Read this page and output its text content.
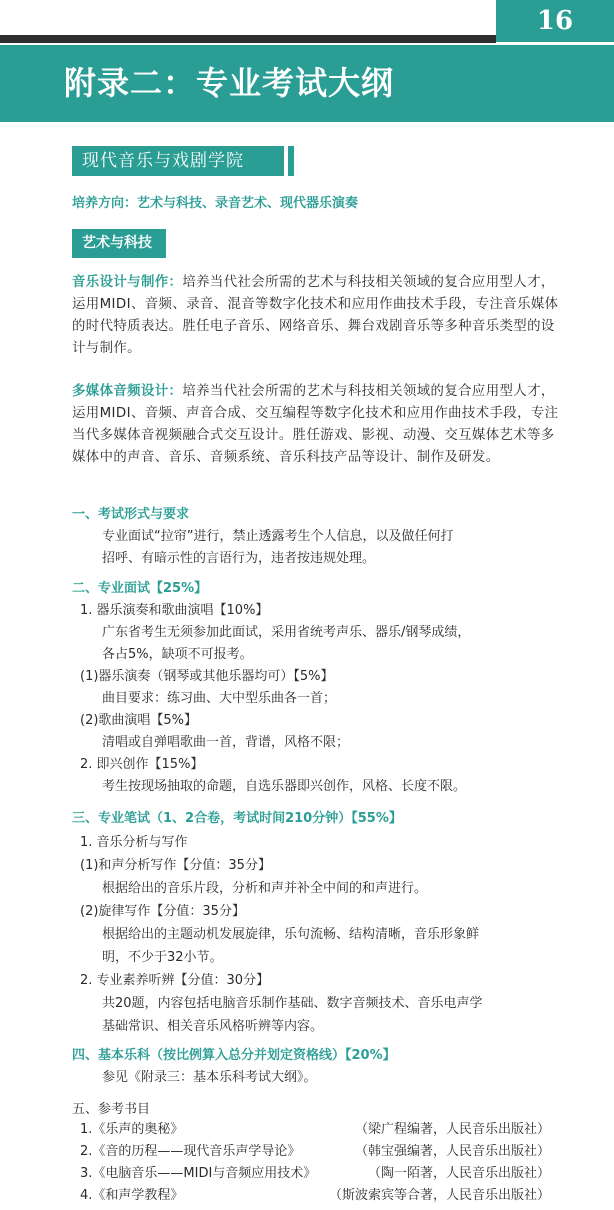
16
附录二：专业考试大纲
现代音乐与戏剧学院
培养方向：艺术与科技、录音艺术、现代器乐演奏
艺术与科技

音乐设计与制作：培养当代社会所需的艺术与科技相关领域的复合应用型人才，运用MIDI、音频、录音、混音等数字化技术和应用作曲技术手段，专注音乐媒体的时代特质表达。胜任电子音乐、网络音乐、舞台戏剧音乐等多种音乐类型的设计与制作。

多媒体音频设计：培养当代社会所需的艺术与科技相关领域的复合应用型人才，运用MIDI、音频、声音合成、交互编程等数字化技术和应用作曲技术手段，专注当代多媒体音视频融合式交互设计。胜任游戏、影视、动漫、交互媒体艺术等多媒体中的声音、音乐、音频系统、音乐科技产品等设计、制作及研发。

一、考试形式与要求
专业面试“拉帘”进行，禁止透露考生个人信息，以及做任何打
招呼、有暗示性的言语行为，违者按违规处理。
二、专业面试【25%】
1. 器乐演奏和歌曲演唱【10%】
广东省考生无须参加此面试，采用省统考声乐、器乐/钢琴成绩，
各占5%，缺项不可报考。
(1)器乐演奏（钢琴或其他乐器均可）【5%】
曲目要求：练习曲、大中型乐曲各一首；
(2)歌曲演唱【5%】
清唱或自弹唱歌曲一首，背谱，风格不限；
2. 即兴创作【15%】
考生按现场抽取的命题，自选乐器即兴创作，风格、长度不限。
三、专业笔试（1、2合卷，考试时间210分钟）【55%】
1. 音乐分析与写作
(1)和声分析写作【分值：35分】
根据给出的音乐片段，分析和声并补全中间的和声进行。
(2)旋律写作【分值：35分】
根据给出的主题动机发展旋律，乐句流畅、结构清晰，音乐形象鲜
明，不少于32小节。
2. 专业素养听辨【分值：30分】
共20题，内容包括电脑音乐制作基础、数字音频技术、音乐电声学
基础常识、相关音乐风格听辨等内容。
四、基本乐科（按比例算入总分并划定资格线）【20%】
参见《附录三：基本乐科考试大纲》。
五、参考书目
1.《乐声的奥秘》	（梁广程编著，人民音乐出版社）
2.《音的历程——现代音乐声学导论》	（韩宝强编著，人民音乐出版社）
3.《电脑音乐——MIDI与音频应用技术》	（陶一陌著，人民音乐出版社）
4.《和声学教程》	（斯波索宾等合著，人民音乐出版社）
